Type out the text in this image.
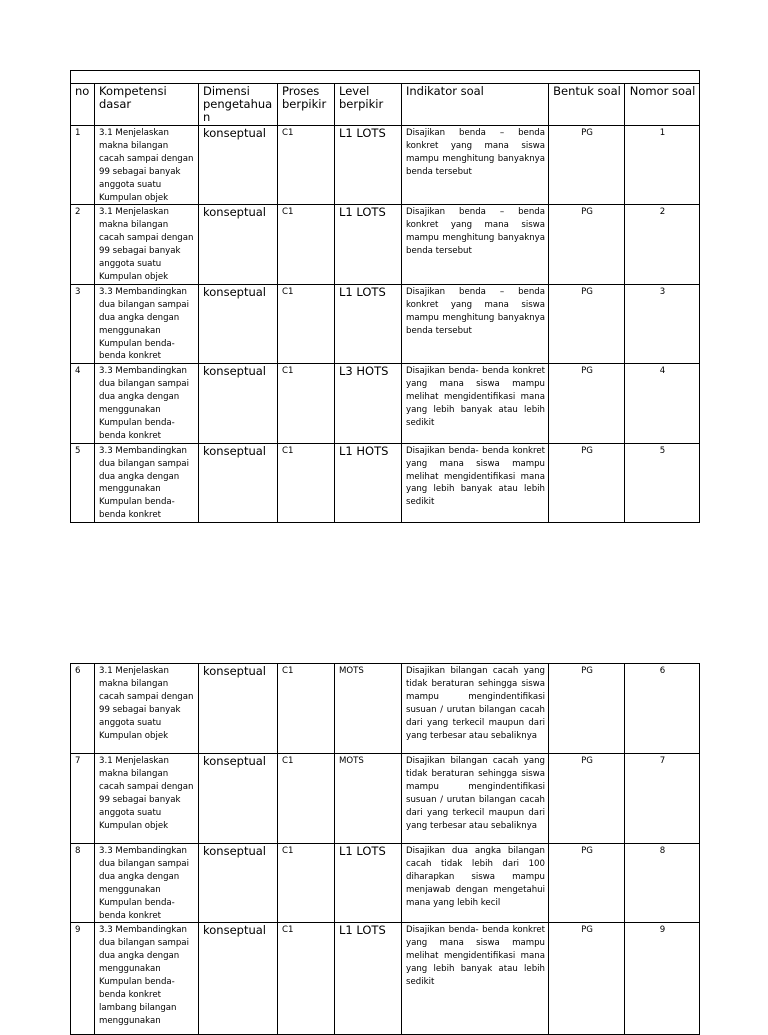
no	Kompetensi dasar	Dimensi pengetahua n	Proses berpikir	Level berpikir	Indikator soal	Bentuk soal	Nomor soal
1	3.1 Menjelaskan makna bilangan cacah sampai dengan 99 sebagai banyak anggota suatu Kumpulan objek	konseptual	C1	L1 LOTS	Disajikan benda – benda konkret yang mana siswa mampu menghitung banyaknya benda tersebut	PG	1
2	3.1 Menjelaskan makna bilangan cacah sampai dengan 99 sebagai banyak anggota suatu Kumpulan objek	konseptual	C1	L1 LOTS	Disajikan benda – benda konkret yang mana siswa mampu menghitung banyaknya benda tersebut	PG	2
3	3.3 Membandingkan dua bilangan sampai dua angka dengan menggunakan Kumpulan benda-benda konkret	konseptual	C1	L1 LOTS	Disajikan benda – benda konkret yang mana siswa mampu menghitung banyaknya benda tersebut	PG	3
4	3.3 Membandingkan dua bilangan sampai dua angka dengan menggunakan Kumpulan benda-benda konkret	konseptual	C1	L3 HOTS	Disajikan benda- benda konkret yang mana siswa mampu melihat mengidentifikasi mana yang lebih banyak atau lebih sedikit	PG	4
5	3.3 Membandingkan dua bilangan sampai dua angka dengan menggunakan Kumpulan benda-benda konkret	konseptual	C1	L1 HOTS	Disajikan benda- benda konkret yang mana siswa mampu melihat mengidentifikasi mana yang lebih banyak atau lebih sedikit	PG	5
6	3.1 Menjelaskan makna bilangan cacah sampai dengan 99 sebagai banyak anggota suatu Kumpulan objek	konseptual	C1	MOTS	Disajikan bilangan cacah yang tidak beraturan sehingga siswa mampu mengindentifikasi susuan / urutan bilangan cacah dari yang terkecil maupun dari yang terbesar atau sebaliknya	PG	6
7	3.1 Menjelaskan makna bilangan cacah sampai dengan 99 sebagai banyak anggota suatu Kumpulan objek	konseptual	C1	MOTS	Disajikan bilangan cacah yang tidak beraturan sehingga siswa mampu mengindentifikasi susuan / urutan bilangan cacah dari yang terkecil maupun dari yang terbesar atau sebaliknya	PG	7
8	3.3 Membandingkan dua bilangan sampai dua angka dengan menggunakan Kumpulan benda-benda konkret	konseptual	C1	L1 LOTS	Disajikan dua angka bilangan cacah tidak lebih dari 100 diharapkan siswa mampu menjawab dengan mengetahui mana yang lebih kecil	PG	8
9	3.3 Membandingkan dua bilangan sampai dua angka dengan menggunakan Kumpulan benda-benda konkret lambang bilangan menggunakan	konseptual	C1	L1 LOTS	Disajikan benda- benda konkret yang mana siswa mampu melihat mengidentifikasi mana yang lebih banyak atau lebih sedikit	PG	9
